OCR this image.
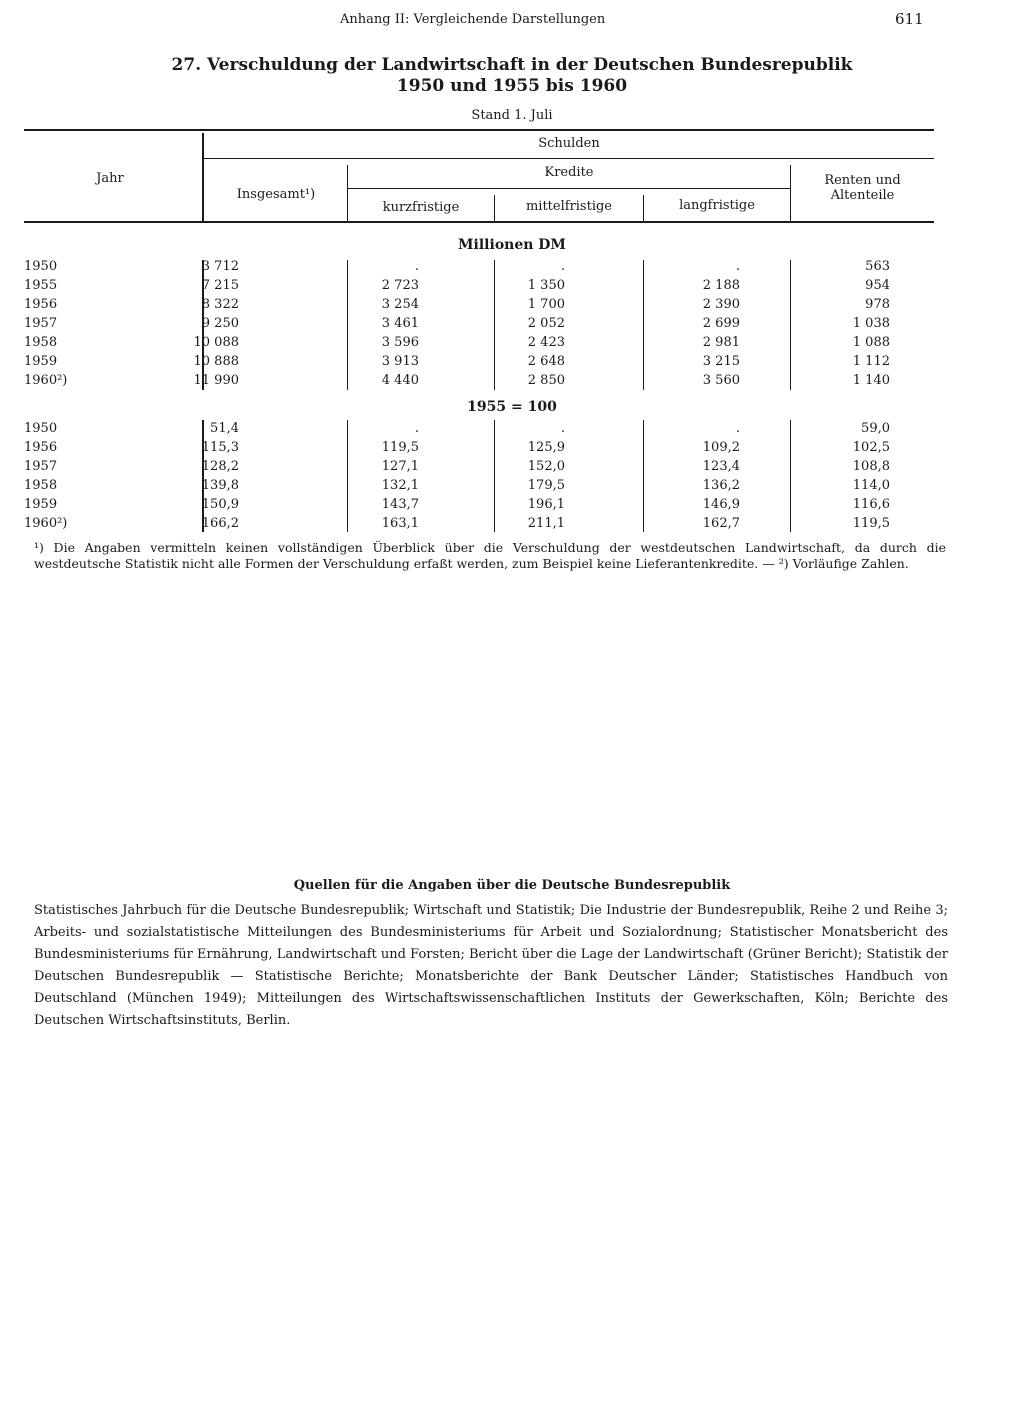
Anhang II: Vergleichende Darstellungen	611
27. Verschuldung der Landwirtschaft in der Deutschen Bundesrepublik
1950 und 1955 bis 1960
Stand 1. Juli
Jahr
Schulden
Insgesamt¹)
Kredite
kurzfristige	mittelfristige	langfristige
Renten und
Altenteile
Millionen DM
1950	3 712	.	.	.	563
1955	7 215	2 723	1 350	2 188	954
1956	8 322	3 254	1 700	2 390	978
1957	9 250	3 461	2 052	2 699	1 038
1958	10 088	3 596	2 423	2 981	1 088
1959	10 888	3 913	2 648	3 215	1 112
1960²)	11 990	4 440	2 850	3 560	1 140
1955 = 100
1950	51,4	.	.	.	59,0
1956	115,3	119,5	125,9	109,2	102,5
1957	128,2	127,1	152,0	123,4	108,8
1958	139,8	132,1	179,5	136,2	114,0
1959	150,9	143,7	196,1	146,9	116,6
1960²)	166,2	163,1	211,1	162,7	119,5
¹) Die Angaben vermitteln keinen vollständigen Überblick über die Verschuldung der westdeutschen Landwirtschaft, da durch die westdeutsche Statistik nicht alle Formen der Verschuldung erfaßt werden, zum Beispiel keine Lieferantenkredite. — ²) Vorläufige Zahlen.
Quellen für die Angaben über die Deutsche Bundesrepublik
Statistisches Jahrbuch für die Deutsche Bundesrepublik; Wirtschaft und Statistik; Die Industrie der Bundesrepublik, Reihe 2 und Reihe 3; Arbeits- und sozialstatistische Mitteilungen des Bundesministeriums für Arbeit und Sozialordnung; Statistischer Monatsbericht des Bundesministeriums für Ernährung, Landwirtschaft und Forsten; Bericht über die Lage der Landwirtschaft (Grüner Bericht); Statistik der Deutschen Bundesrepublik — Statistische Berichte; Monatsberichte der Bank Deutscher Länder; Statistisches Handbuch von Deutschland (München 1949); Mitteilungen des Wirtschaftswissenschaftlichen Instituts der Gewerkschaften, Köln; Berichte des Deutschen Wirtschaftsinstituts, Berlin.
